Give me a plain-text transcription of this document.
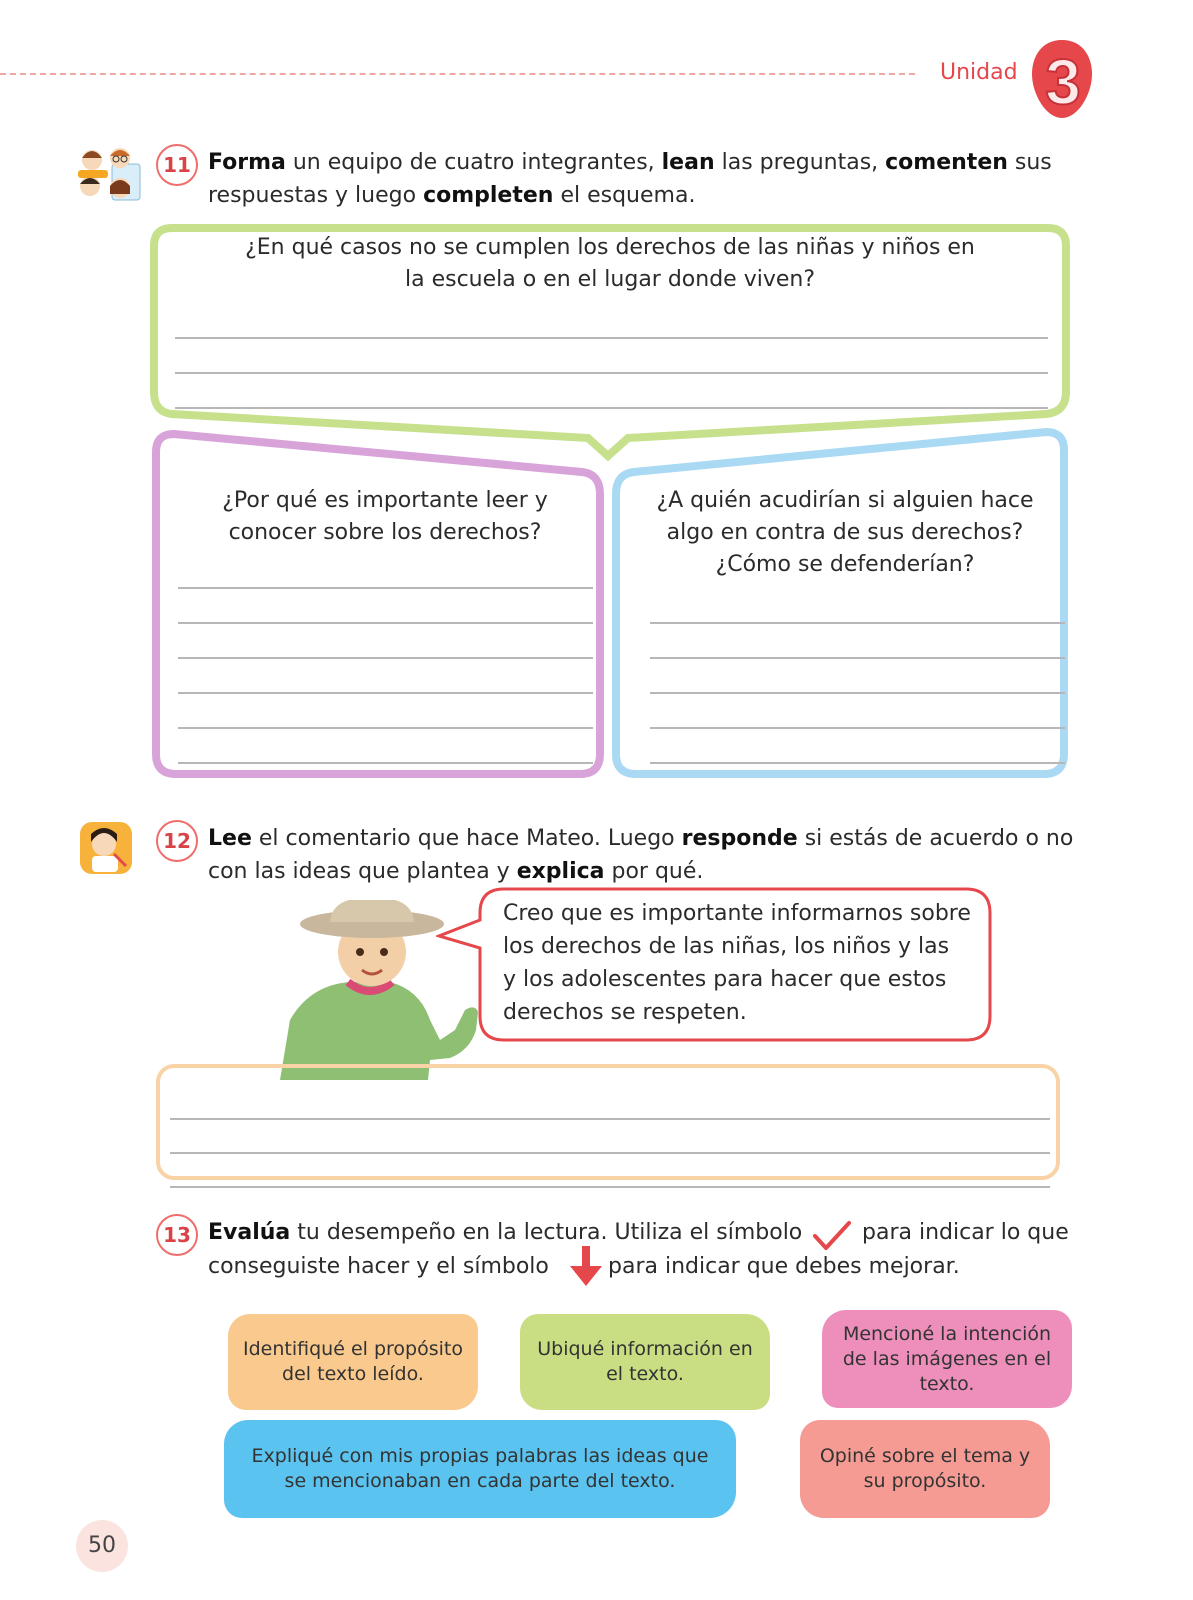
Unidad 3
11 Forma un equipo de cuatro integrantes, lean las preguntas, comenten sus respuestas y luego completen el esquema.
¿En qué casos no se cumplen los derechos de las niñas y niños en
la escuela o en el lugar donde viven?
¿Por qué es importante leer y
conocer sobre los derechos?
¿A quién acudirían si alguien hace
algo en contra de sus derechos?
¿Cómo se defenderían?
12 Lee el comentario que hace Mateo. Luego responde si estás de acuerdo o no con las ideas que plantea y explica por qué.
Creo que es importante informarnos sobre
los derechos de las niñas, los niños y las
y los adolescentes para hacer que estos
derechos se respeten.
13 Evalúa tu desempeño en la lectura. Utiliza el símbolo	para indicar lo que
conseguiste hacer y el símbolo	para indicar que debes mejorar.
Identifiqué el propósito
del texto leído.
Ubiqué información en
el texto.
Mencioné la intención
de las imágenes en el
texto.
Expliqué con mis propias palabras las ideas que
se mencionaban en cada parte del texto.
Opiné sobre el tema y
su propósito.
50
